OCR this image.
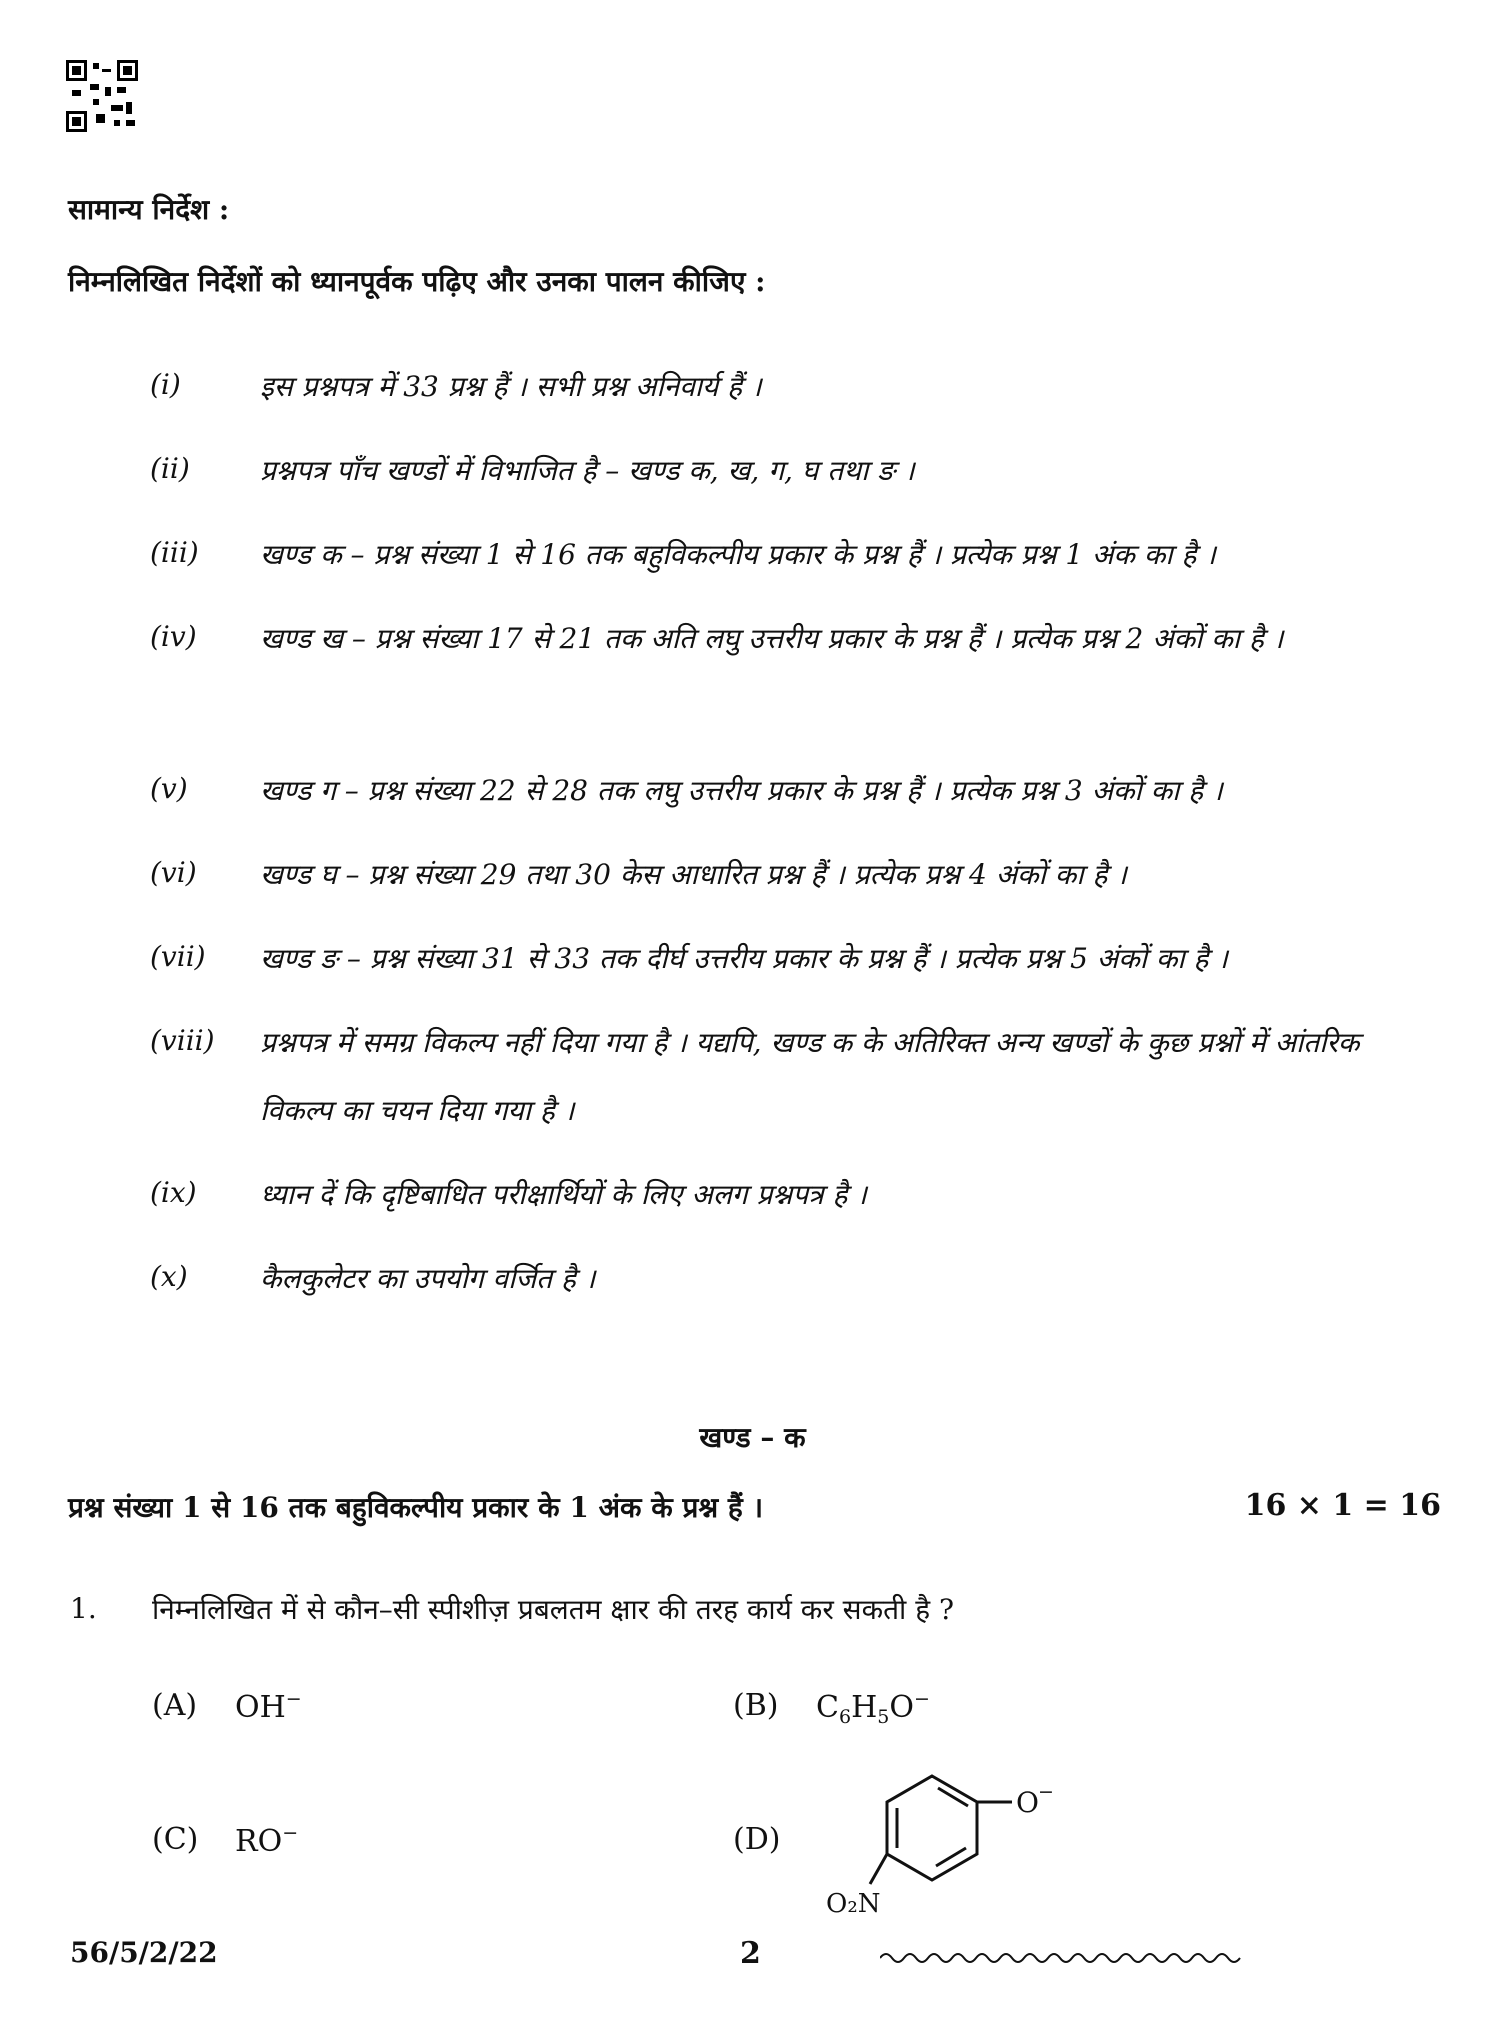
सामान्य निर्देश :
निम्नलिखित निर्देशों को ध्यानपूर्वक पढ़िए और उनका पालन कीजिए :
(i)	इस प्रश्नपत्र में 33 प्रश्न हैं । सभी प्रश्न अनिवार्य हैं ।
(ii)	प्रश्नपत्र पाँच खण्डों में विभाजित है – खण्ड क, ख, ग, घ तथा ङ ।
(iii) खण्ड क – प्रश्न संख्या 1 से 16 तक बहुविकल्पीय प्रकार के प्रश्न हैं । प्रत्येक प्रश्न 1 अंक का है ।
(iv) खण्ड ख – प्रश्न संख्या 17 से 21 तक अति लघु उत्तरीय प्रकार के प्रश्न हैं । प्रत्येक प्रश्न 2 अंकों का है ।
(v)	खण्ड ग – प्रश्न संख्या 22 से 28 तक लघु उत्तरीय प्रकार के प्रश्न हैं । प्रत्येक प्रश्न 3 अंकों का है ।
(vi) खण्ड घ – प्रश्न संख्या 29 तथा 30 केस आधारित प्रश्न हैं । प्रत्येक प्रश्न 4 अंकों का है ।
(vii) खण्ड ङ – प्रश्न संख्या 31 से 33 तक दीर्घ उत्तरीय प्रकार के प्रश्न हैं । प्रत्येक प्रश्न 5 अंकों का है ।
(viii) प्रश्नपत्र में समग्र विकल्प नहीं दिया गया है । यद्यपि, खण्ड क के अतिरिक्त अन्य खण्डों के कुछ प्रश्नों में आंतरिक विकल्प का चयन दिया गया है ।
(ix) ध्यान दें कि दृष्टिबाधित परीक्षार्थियों के लिए अलग प्रश्नपत्र है ।
(x)	कैलकुलेटर का उपयोग वर्जित है ।
खण्ड – क
प्रश्न संख्या 1 से 16 तक बहुविकल्पीय प्रकार के 1 अंक के प्रश्न हैं ।	16 × 1 = 16
1. निम्नलिखित में से कौन–सी स्पीशीज़ प्रबलतम क्षार की तरह कार्य कर सकती है ?
(A) OH−	(B) $C_6H_5O^-$
(C) RO−	(D)
O −
O₂N
56/5/2/22	2
